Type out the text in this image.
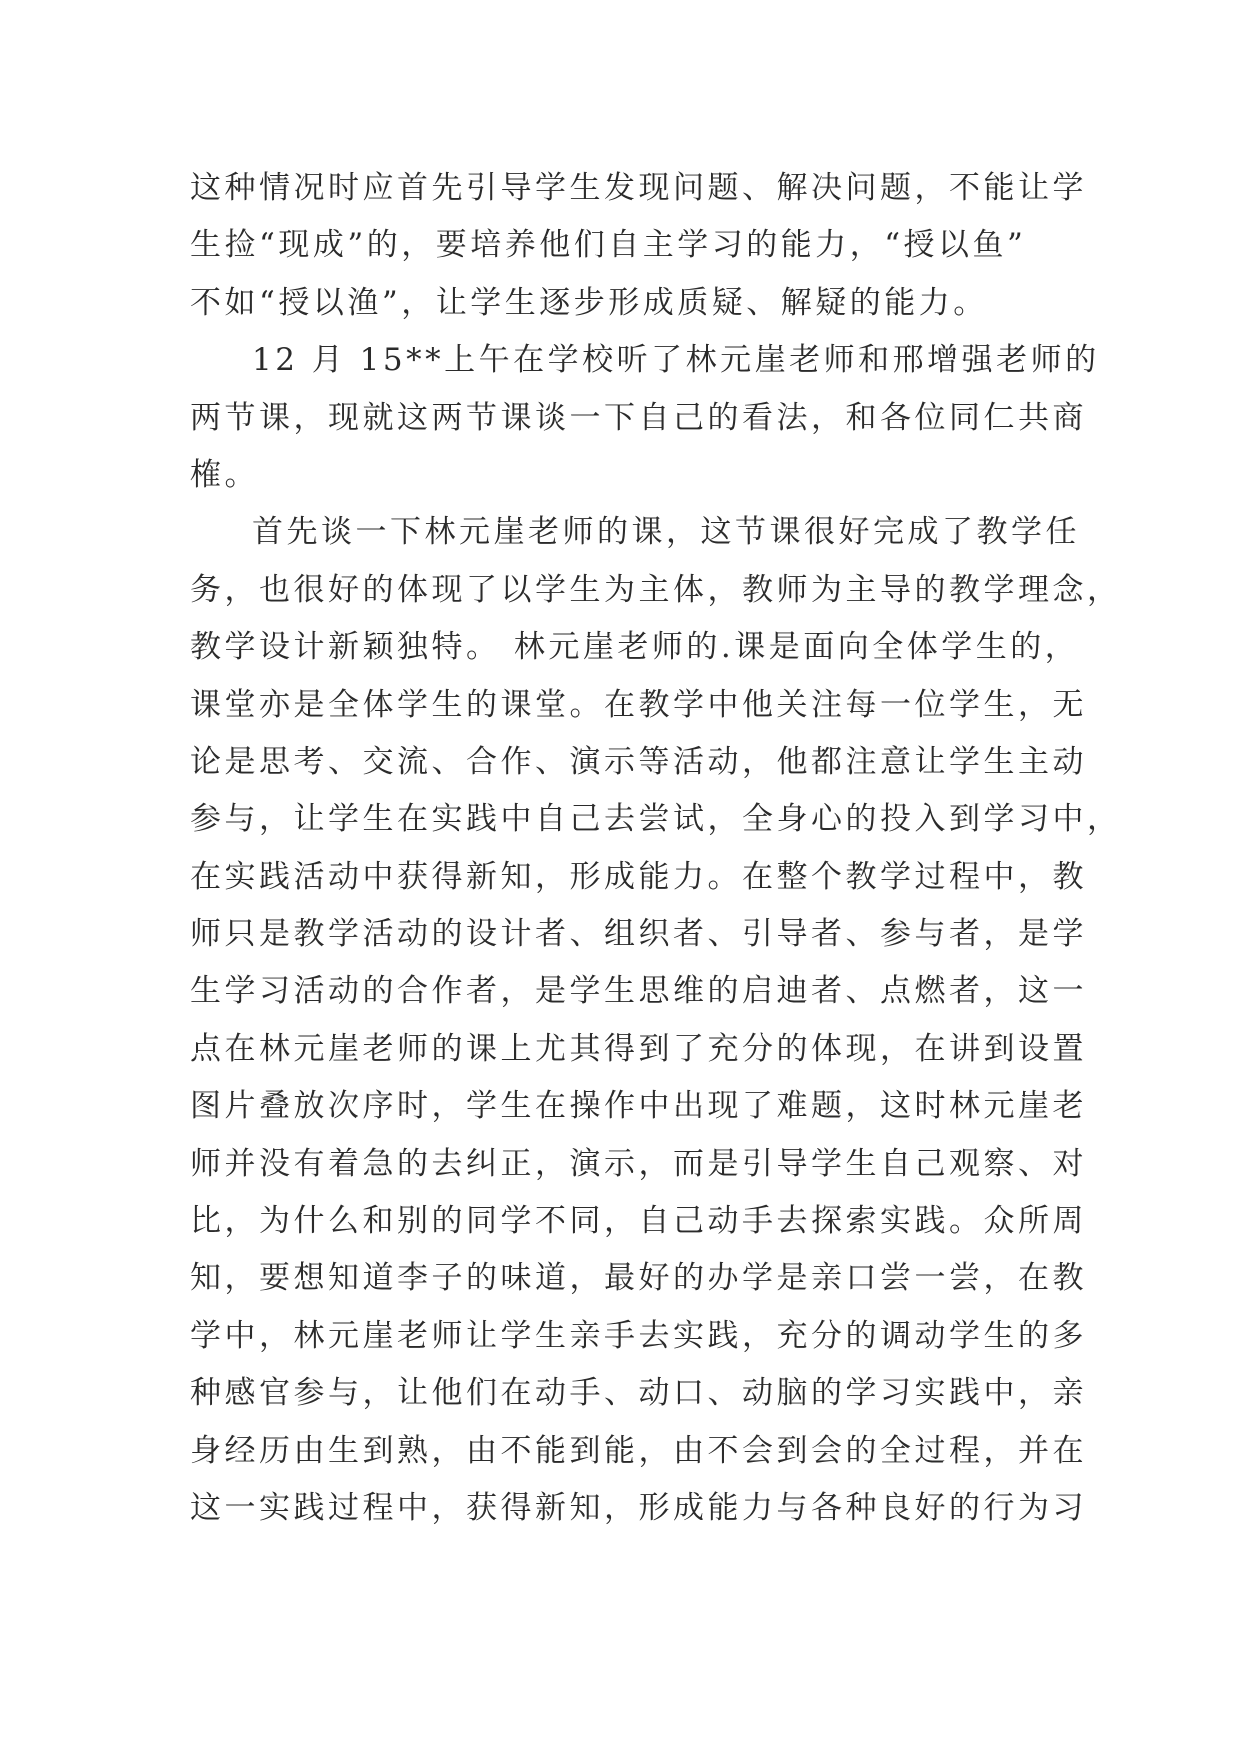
这种情况时应首先引导学生发现问题、解决问题，不能让学
生捡“现成”的，要培养他们自主学习的能力，“授以鱼”
不如“授以渔”，让学生逐步形成质疑、解疑的能力。
12 月 15**上午在学校听了林元崖老师和邢增强老师的
两节课，现就这两节课谈一下自己的看法，和各位同仁共商
榷。
首先谈一下林元崖老师的课，这节课很好完成了教学任
务，也很好的体现了以学生为主体，教师为主导的教学理念，
教学设计新颖独特。 林元崖老师的.课是面向全体学生的，
课堂亦是全体学生的课堂。在教学中他关注每一位学生，无
论是思考、交流、合作、演示等活动，他都注意让学生主动
参与，让学生在实践中自己去尝试，全身心的投入到学习中，
在实践活动中获得新知，形成能力。在整个教学过程中，教
师只是教学活动的设计者、组织者、引导者、参与者，是学
生学习活动的合作者，是学生思维的启迪者、点燃者，这一
点在林元崖老师的课上尤其得到了充分的体现，在讲到设置
图片叠放次序时，学生在操作中出现了难题，这时林元崖老
师并没有着急的去纠正，演示，而是引导学生自己观察、对
比，为什么和别的同学不同，自己动手去探索实践。众所周
知，要想知道李子的味道，最好的办学是亲口尝一尝，在教
学中，林元崖老师让学生亲手去实践，充分的调动学生的多
种感官参与，让他们在动手、动口、动脑的学习实践中，亲
身经历由生到熟，由不能到能，由不会到会的全过程，并在
这一实践过程中，获得新知，形成能力与各种良好的行为习
